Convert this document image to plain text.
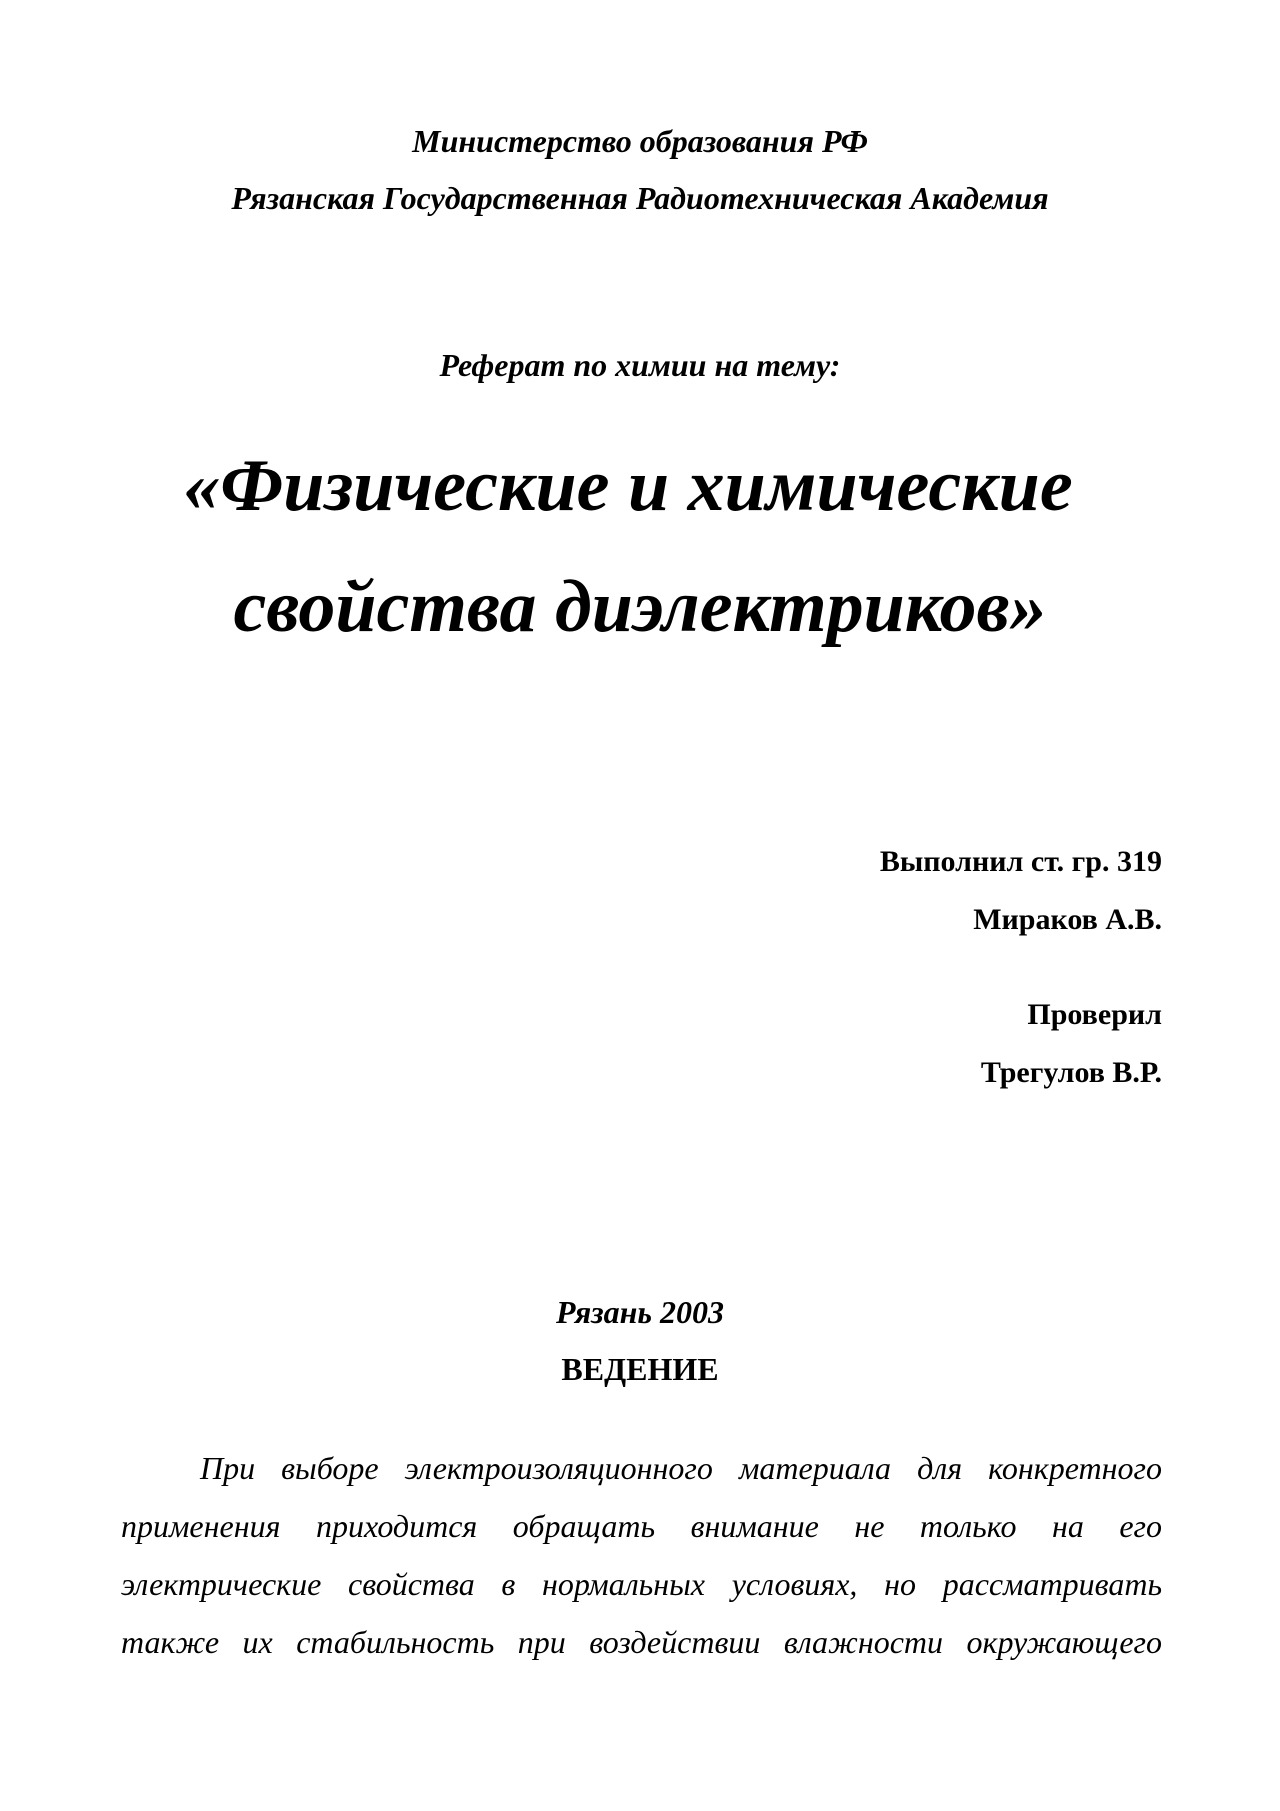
Министерство образования РФ
Рязанская Государственная Радиотехническая Академия
Реферат по химии на тему:
«Физические и химические
свойства диэлектриков»
Выполнил ст. гр. 319
Мираков А.В.
Проверил
Трегулов В.Р.
Рязань 2003
ВЕДЕНИЕ
При выборе электроизоляционного материала для конкретного
применения приходится обращать внимание не только на его
электрические свойства в нормальных условиях, но рассматривать
также их стабильность при воздействии влажности окружающего
